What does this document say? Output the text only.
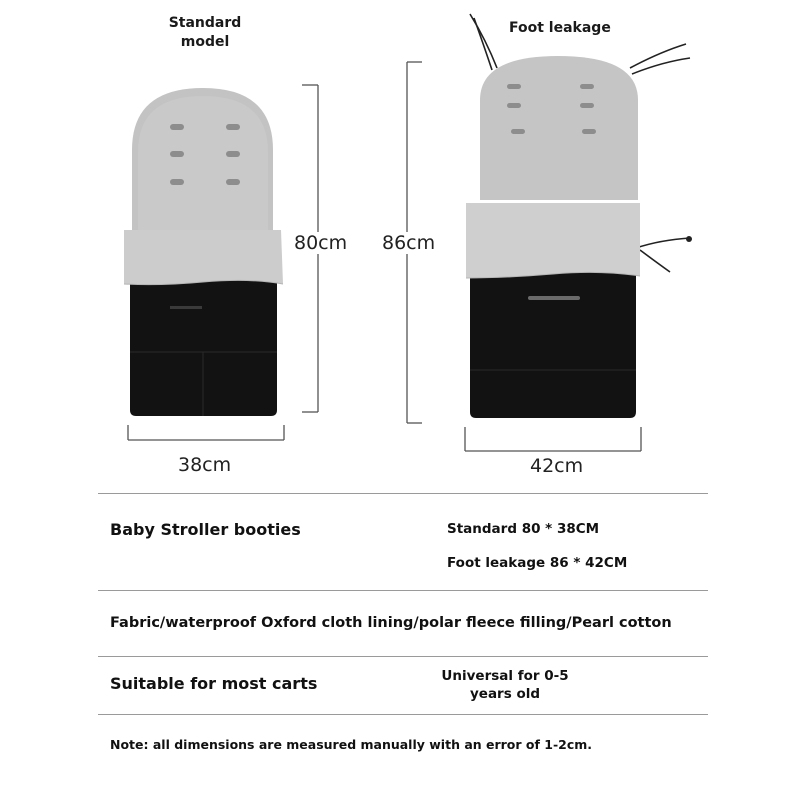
Standard
model
Foot leakage
80cm
38cm
86cm
42cm
Baby Stroller booties	Standard 80 * 38CM
Foot leakage 86 * 42CM
Fabric/waterproof Oxford cloth lining/polar fleece filling/Pearl cotton
Suitable for most carts	Universal for 0-5
years old
Note: all dimensions are measured manually with an error of 1-2cm.
